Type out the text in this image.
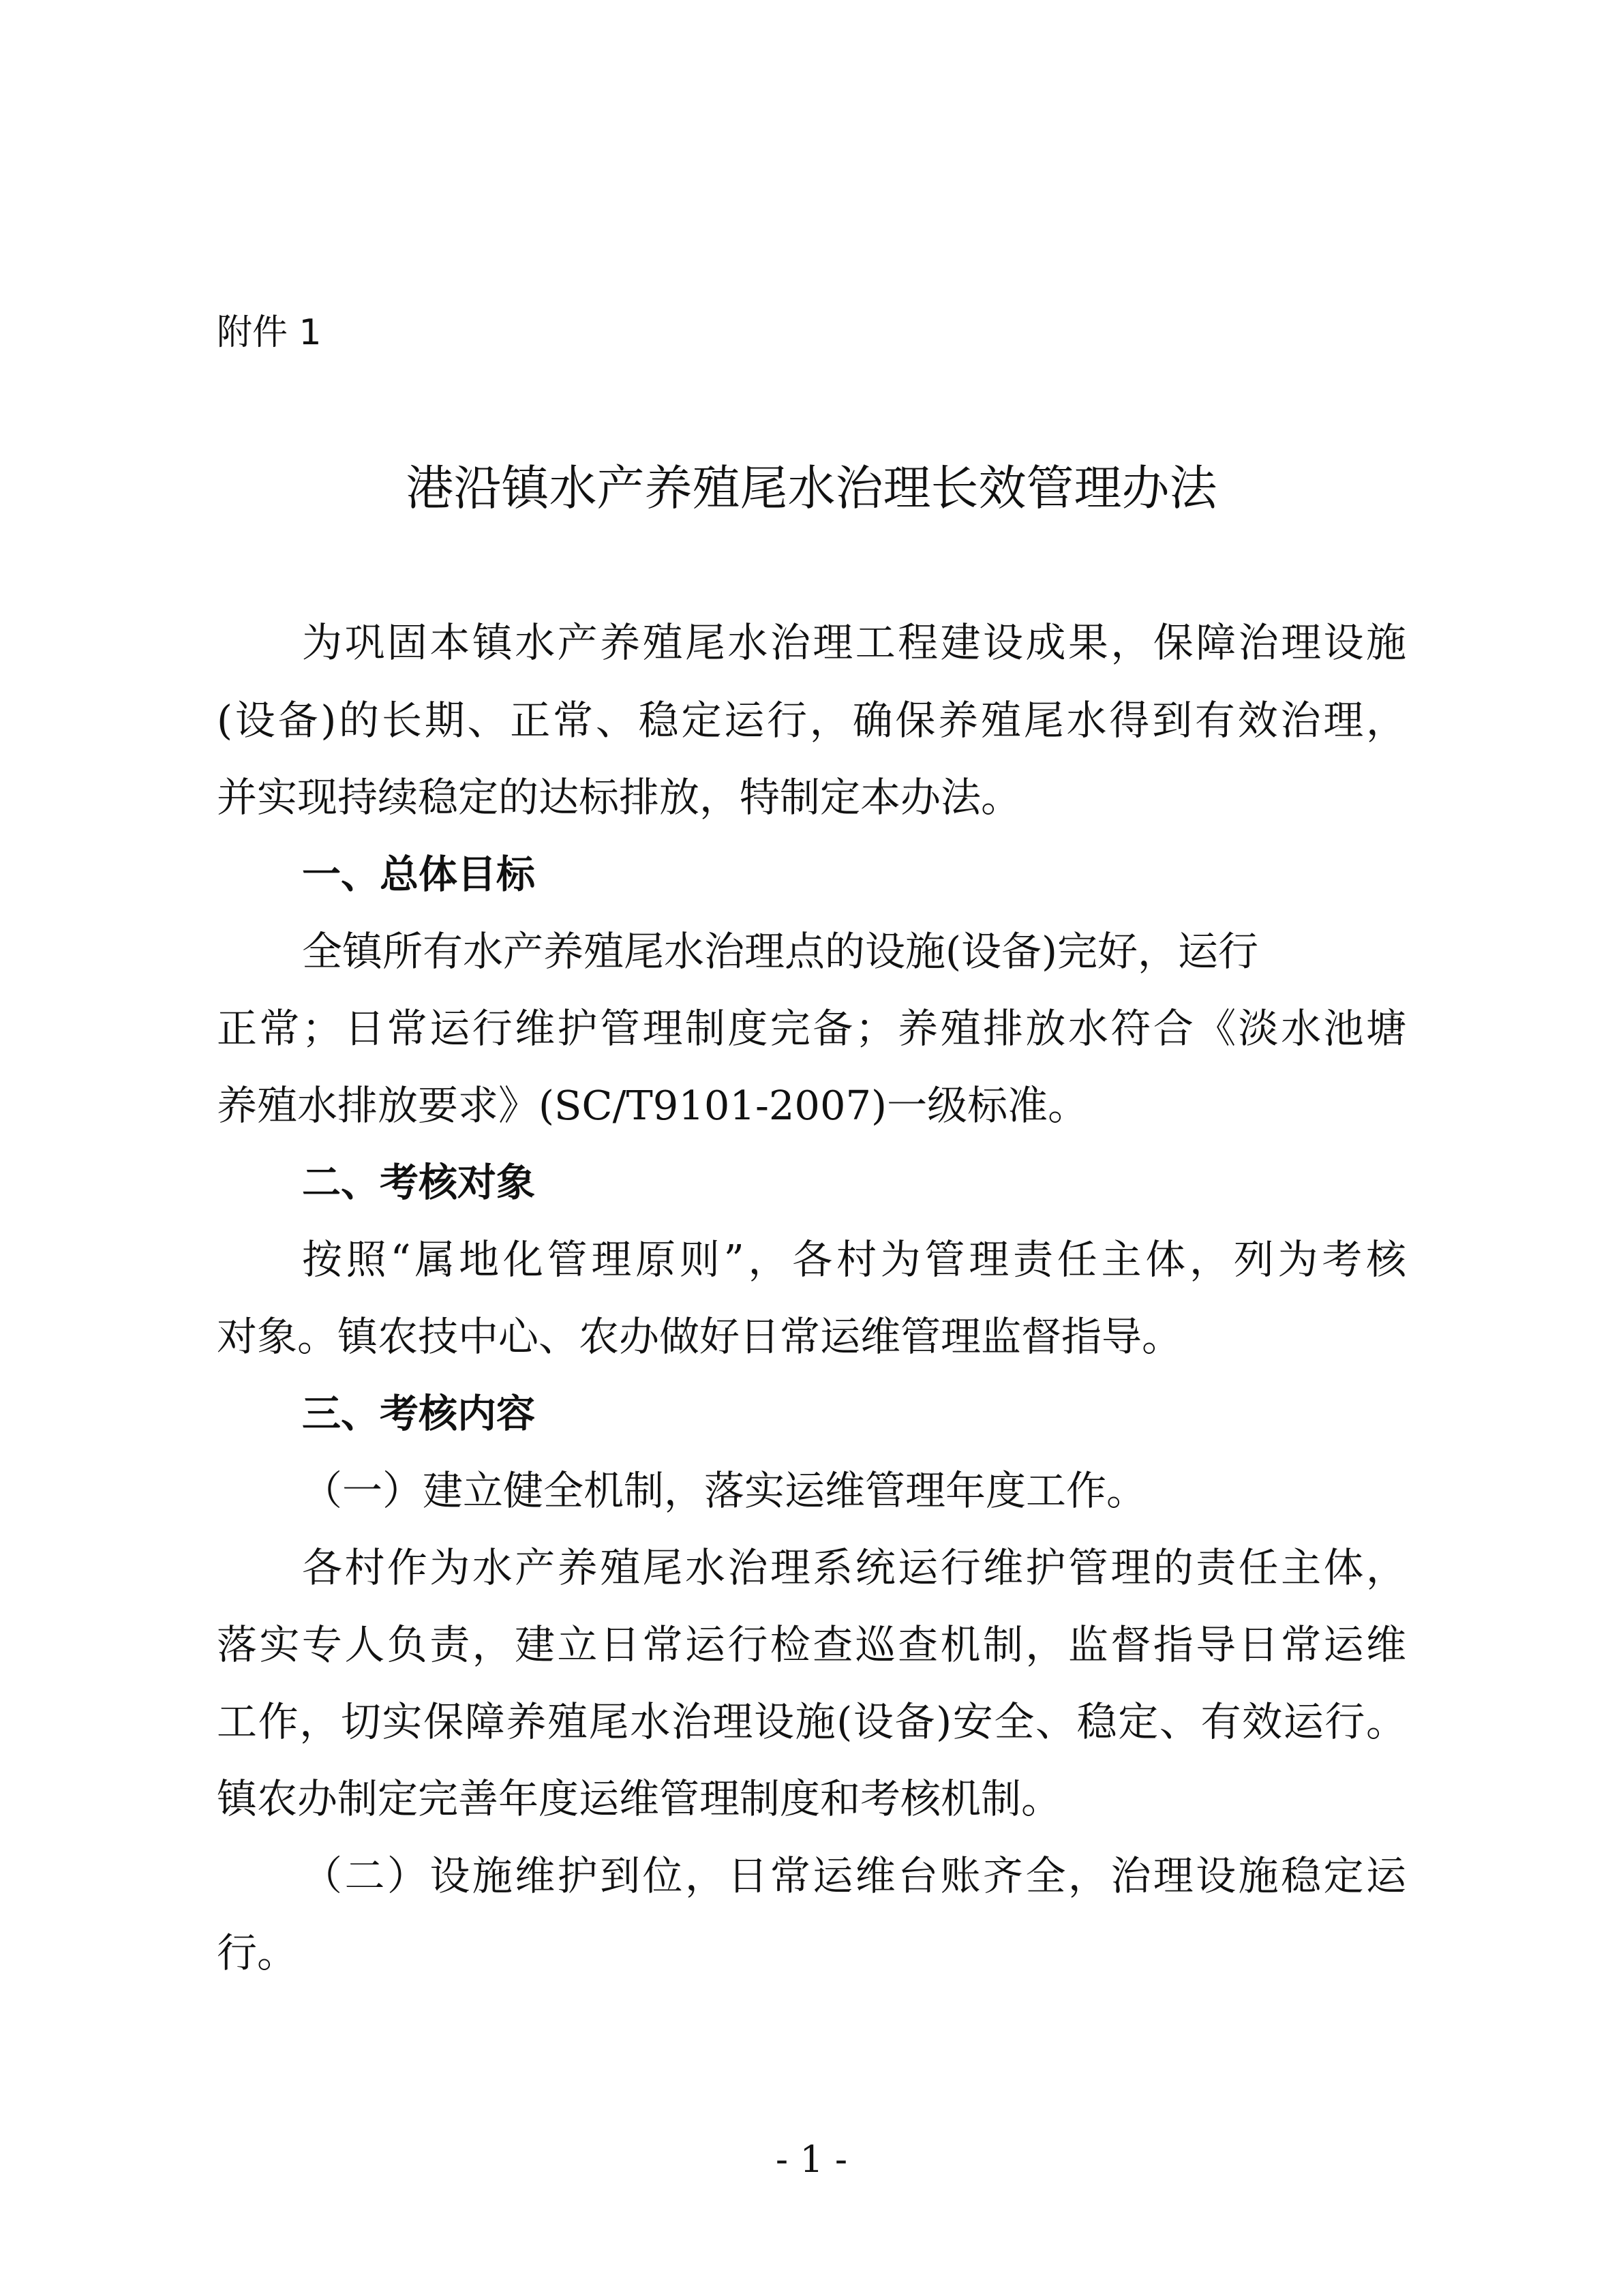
附件 1
港沿镇水产养殖尾水治理长效管理办法
为巩固本镇水产养殖尾水治理工程建设成果，保障治理设施
(设备)的长期、正常、稳定运行，确保养殖尾水得到有效治理，
并实现持续稳定的达标排放，特制定本办法。
一、总体目标
全镇所有水产养殖尾水治理点的设施(设备)完好，运行
正常；日常运行维护管理制度完备；养殖排放水符合《淡水池塘
养殖水排放要求》(SC/T9101-2007)一级标准。
二、考核对象
按照“属地化管理原则”，各村为管理责任主体，列为考核
对象。镇农技中心、农办做好日常运维管理监督指导。
三、考核内容
（一）建立健全机制，落实运维管理年度工作。
各村作为水产养殖尾水治理系统运行维护管理的责任主体，
落实专人负责，建立日常运行检查巡查机制，监督指导日常运维
工作，切实保障养殖尾水治理设施(设备)安全、稳定、有效运行。
镇农办制定完善年度运维管理制度和考核机制。
（二）设施维护到位，日常运维台账齐全，治理设施稳定运
行。
- 1 -
